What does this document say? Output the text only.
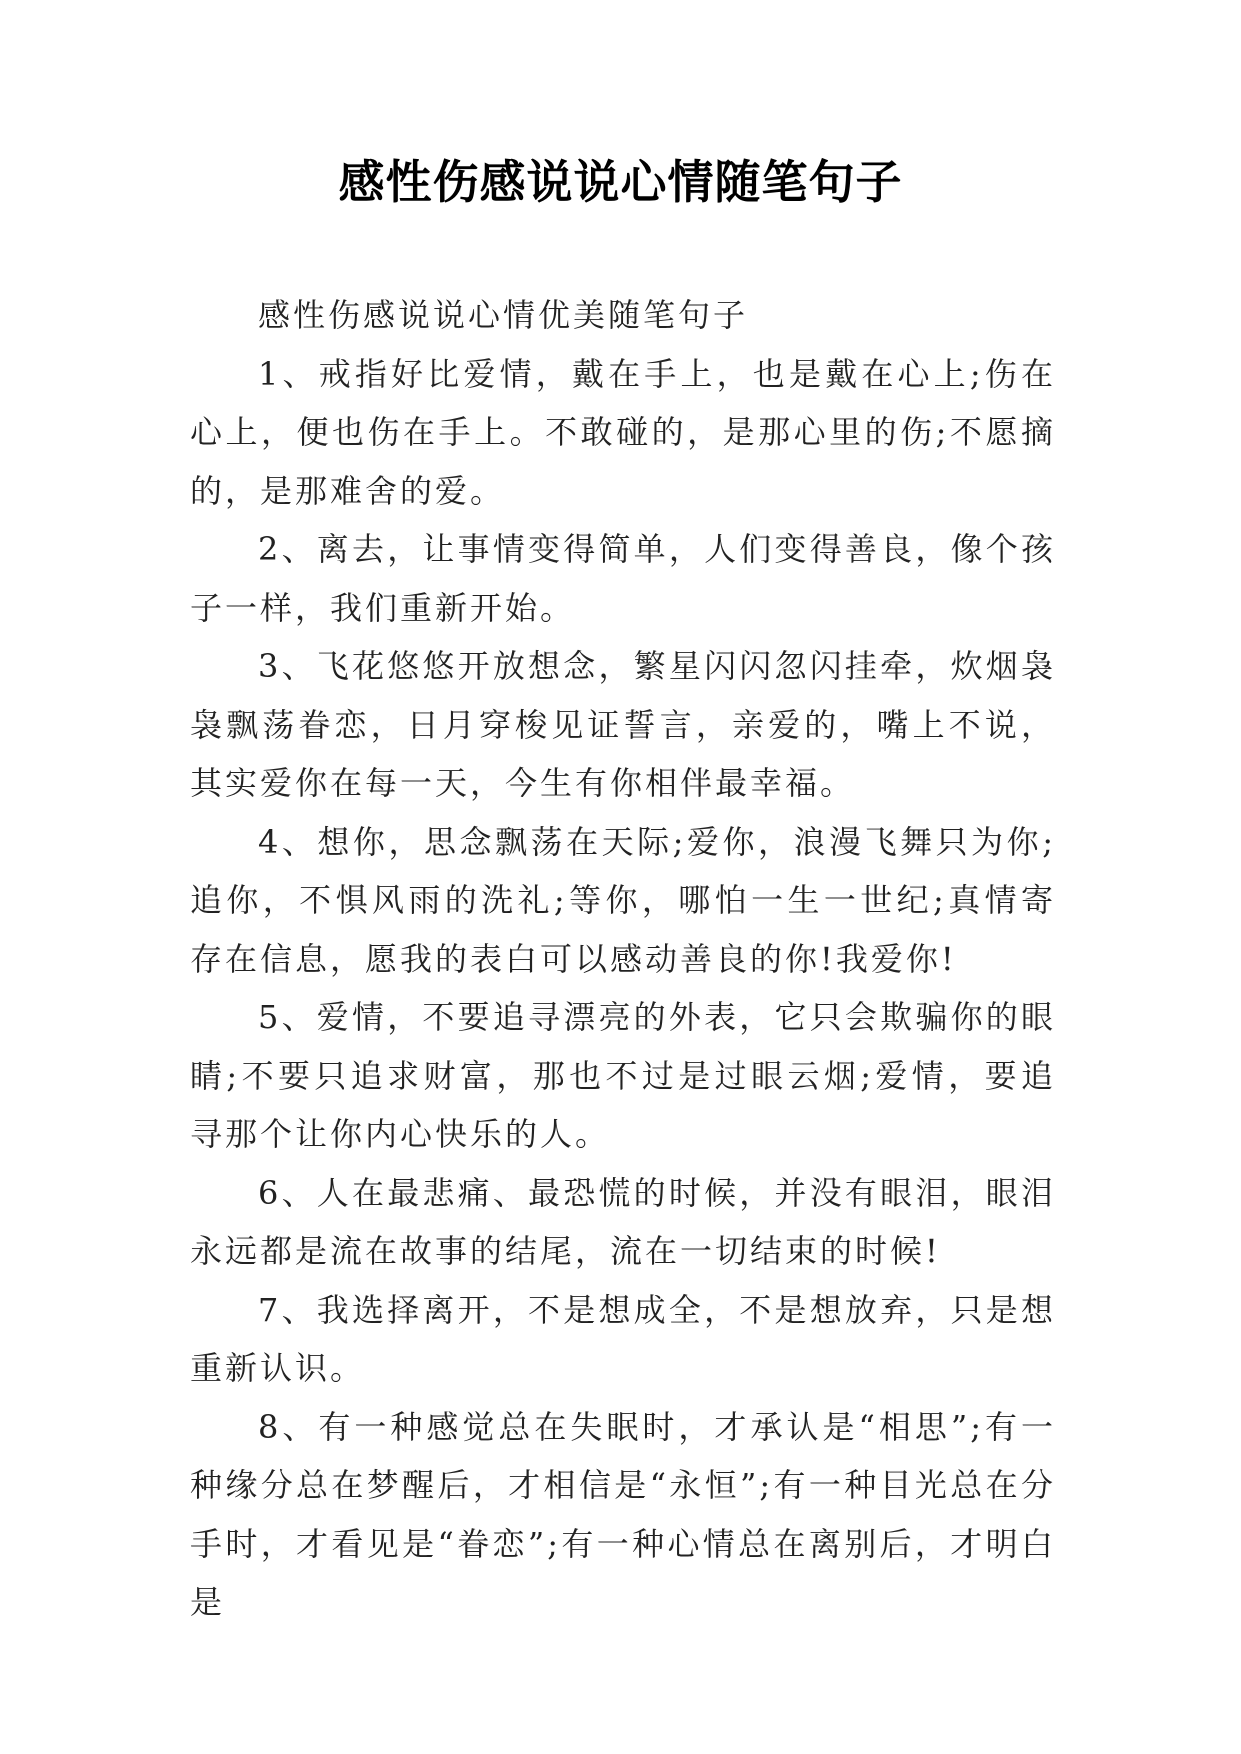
感性伤感说说心情随笔句子

感性伤感说说心情优美随笔句子

1、戒指好比爱情，戴在手上，也是戴在心上;伤在心上，便也伤在手上。不敢碰的，是那心里的伤;不愿摘的，是那难舍的爱。

2、离去，让事情变得简单，人们变得善良，像个孩子一样，我们重新开始。

3、飞花悠悠开放想念，繁星闪闪忽闪挂牵，炊烟袅袅飘荡眷恋，日月穿梭见证誓言，亲爱的，嘴上不说，其实爱你在每一天，今生有你相伴最幸福。

4、想你，思念飘荡在天际;爱你，浪漫飞舞只为你;追你，不惧风雨的洗礼;等你，哪怕一生一世纪;真情寄存在信息，愿我的表白可以感动善良的你!我爱你!

5、爱情，不要追寻漂亮的外表，它只会欺骗你的眼睛;不要只追求财富，那也不过是过眼云烟;爱情，要追寻那个让你内心快乐的人。

6、人在最悲痛、最恐慌的时候，并没有眼泪，眼泪永远都是流在故事的结尾，流在一切结束的时候!

7、我选择离开，不是想成全，不是想放弃，只是想重新认识。

8、有一种感觉总在失眠时，才承认是“相思”;有一种缘分总在梦醒后，才相信是“永恒”;有一种目光总在分手时，才看见是“眷恋”;有一种心情总在离别后，才明白是
